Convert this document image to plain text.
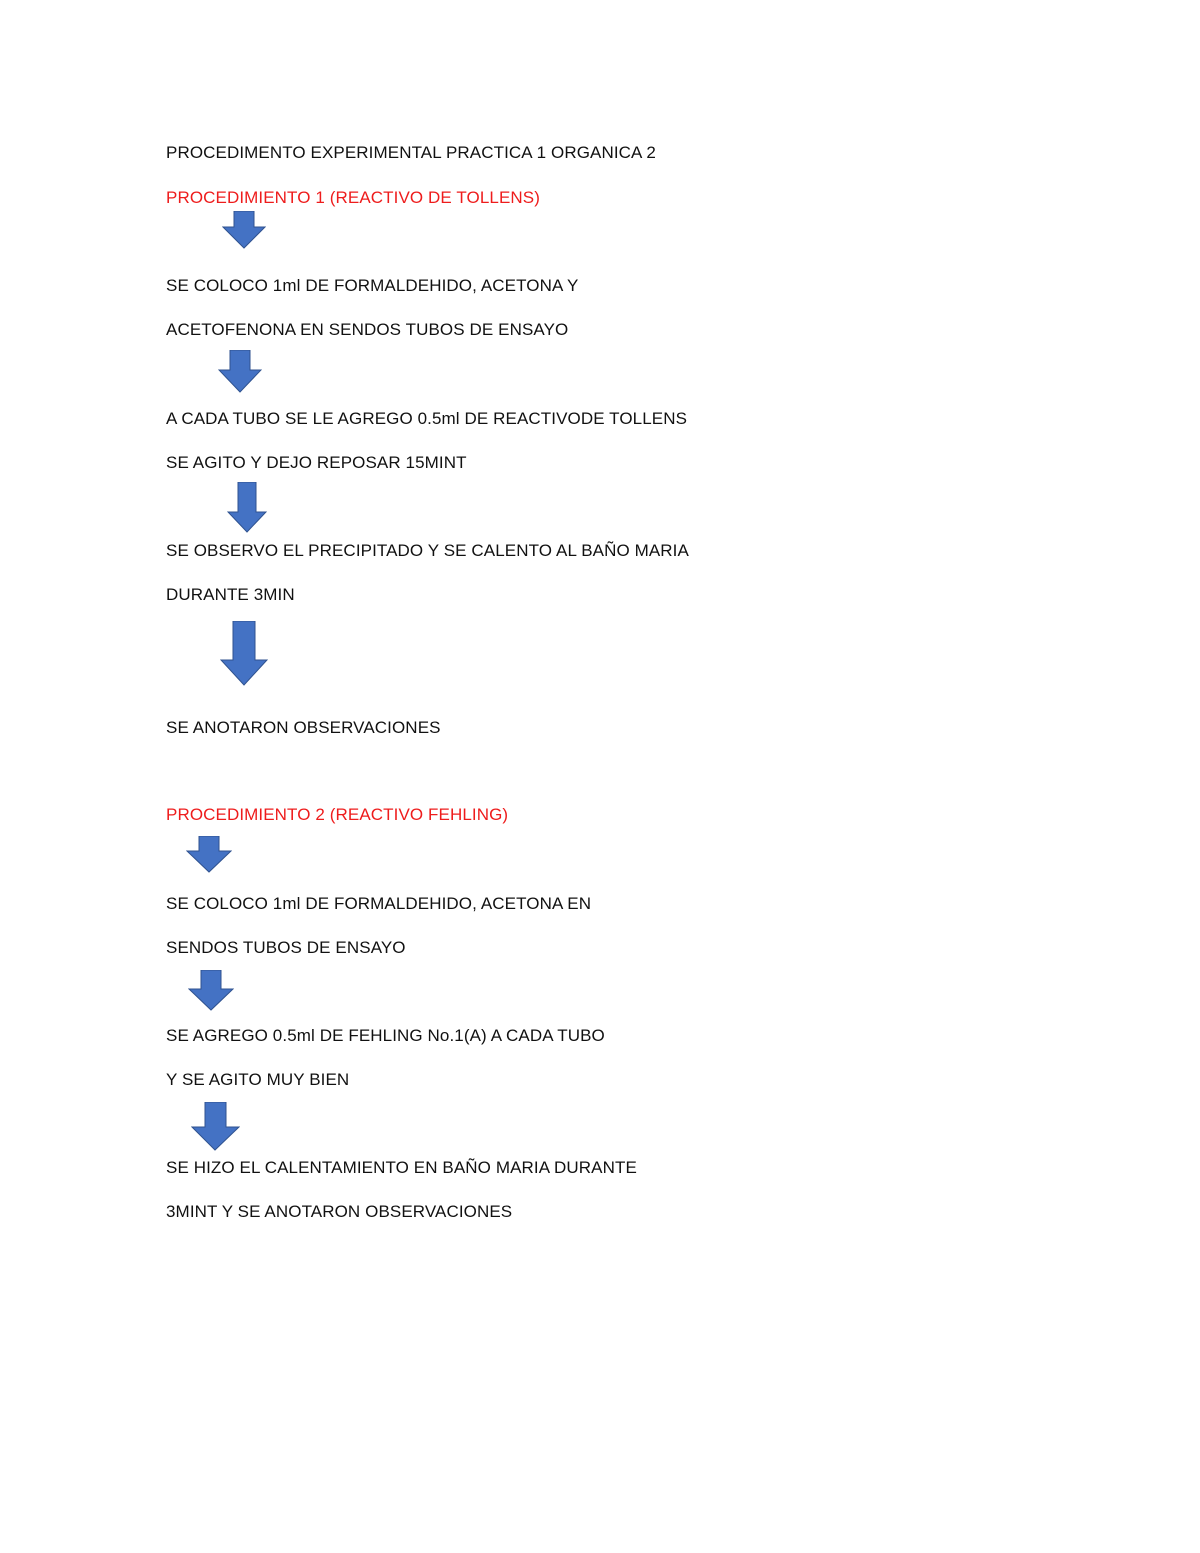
PROCEDIMENTO EXPERIMENTAL PRACTICA 1 ORGANICA 2
PROCEDIMIENTO 1 (REACTIVO DE TOLLENS)
SE COLOCO 1ml DE FORMALDEHIDO, ACETONA Y
ACETOFENONA EN SENDOS TUBOS DE ENSAYO
A CADA TUBO SE LE AGREGO 0.5ml DE REACTIVODE TOLLENS
SE AGITO Y DEJO REPOSAR 15MINT
SE OBSERVO EL PRECIPITADO Y SE CALENTO AL BAÑO MARIA
DURANTE 3MIN
SE ANOTARON OBSERVACIONES
PROCEDIMIENTO 2 (REACTIVO FEHLING)
SE COLOCO 1ml DE FORMALDEHIDO, ACETONA EN
SENDOS TUBOS DE ENSAYO
SE AGREGO 0.5ml DE FEHLING No.1(A) A CADA TUBO
Y SE AGITO MUY BIEN
SE HIZO EL CALENTAMIENTO EN BAÑO MARIA DURANTE
3MINT Y SE ANOTARON OBSERVACIONES
